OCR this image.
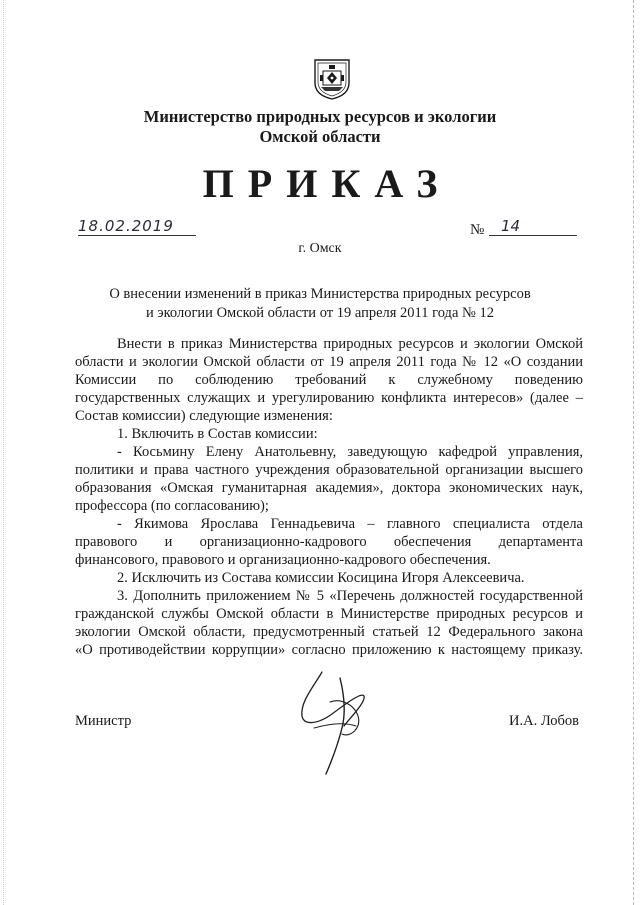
Министерство природных ресурсов и экологии
Омской области
ПРИКАЗ
18.02.2019	№	14
г. Омск
О внесении изменений в приказ Министерства природных ресурсов
и экологии Омской области от 19 апреля 2011 года № 12
Внести в приказ Министерства природных ресурсов и экологии Омской
области и экологии Омской области от 19 апреля 2011 года № 12 «О создании
Комиссии по соблюдению требований к служебному поведению
государственных служащих и урегулированию конфликта интересов» (далее –
Состав комиссии) следующие изменения:
1. Включить в Состав комиссии:
- Косьмину Елену Анатольевну, заведующую кафедрой управления,
политики и права частного учреждения образовательной организации высшего
образования «Омская гуманитарная академия», доктора экономических наук,
профессора (по согласованию);
- Якимова Ярослава Геннадьевича – главного специалиста отдела
правового и организационно-кадрового обеспечения департамента
финансового, правового и организационно-кадрового обеспечения.
2. Исключить из Состава комиссии Косицина Игоря Алексеевича.
3. Дополнить приложением № 5 «Перечень должностей государственной
гражданской службы Омской области в Министерстве природных ресурсов и
экологии Омской области, предусмотренный статьей 12 Федерального закона
«О противодействии коррупции» согласно приложению к настоящему приказу.
Министр	И.А. Лобов
